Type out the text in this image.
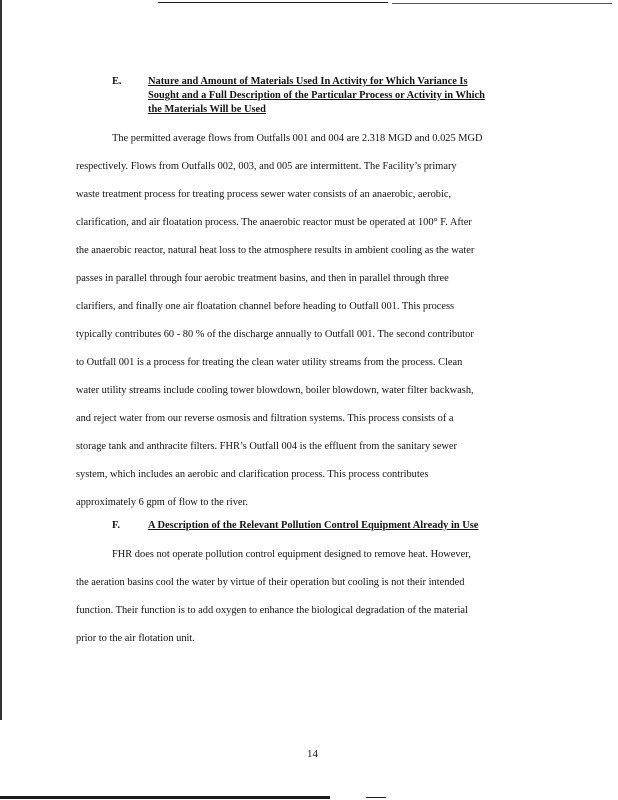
E.	Nature and Amount of Materials Used In Activity for Which Variance Is
Sought and a Full Description of the Particular Process or Activity in Which
the Materials Will be Used
The permitted average flows from Outfalls 001 and 004 are 2.318 MGD and 0.025 MGD
respectively. Flows from Outfalls 002, 003, and 005 are intermittent. The Facility’s primary
waste treatment process for treating process sewer water consists of an anaerobic, aerobic,
clarification, and air floatation process. The anaerobic reactor must be operated at 100° F. After
the anaerobic reactor, natural heat loss to the atmosphere results in ambient cooling as the water
passes in parallel through four aerobic treatment basins, and then in parallel through three
clarifiers, and finally one air floatation channel before heading to Outfall 001. This process
typically contributes 60 - 80 % of the discharge annually to Outfall 001. The second contributor
to Outfall 001 is a process for treating the clean water utility streams from the process. Clean
water utility streams include cooling tower blowdown, boiler blowdown, water filter backwash,
and reject water from our reverse osmosis and filtration systems. This process consists of a
storage tank and anthracite filters. FHR’s Outfall 004 is the effluent from the sanitary sewer
system, which includes an aerobic and clarification process. This process contributes
approximately 6 gpm of flow to the river.
F.	A Description of the Relevant Pollution Control Equipment Already in Use
FHR does not operate pollution control equipment designed to remove heat. However,
the aeration basins cool the water by virtue of their operation but cooling is not their intended
function. Their function is to add oxygen to enhance the biological degradation of the material
prior to the air flotation unit.
14
